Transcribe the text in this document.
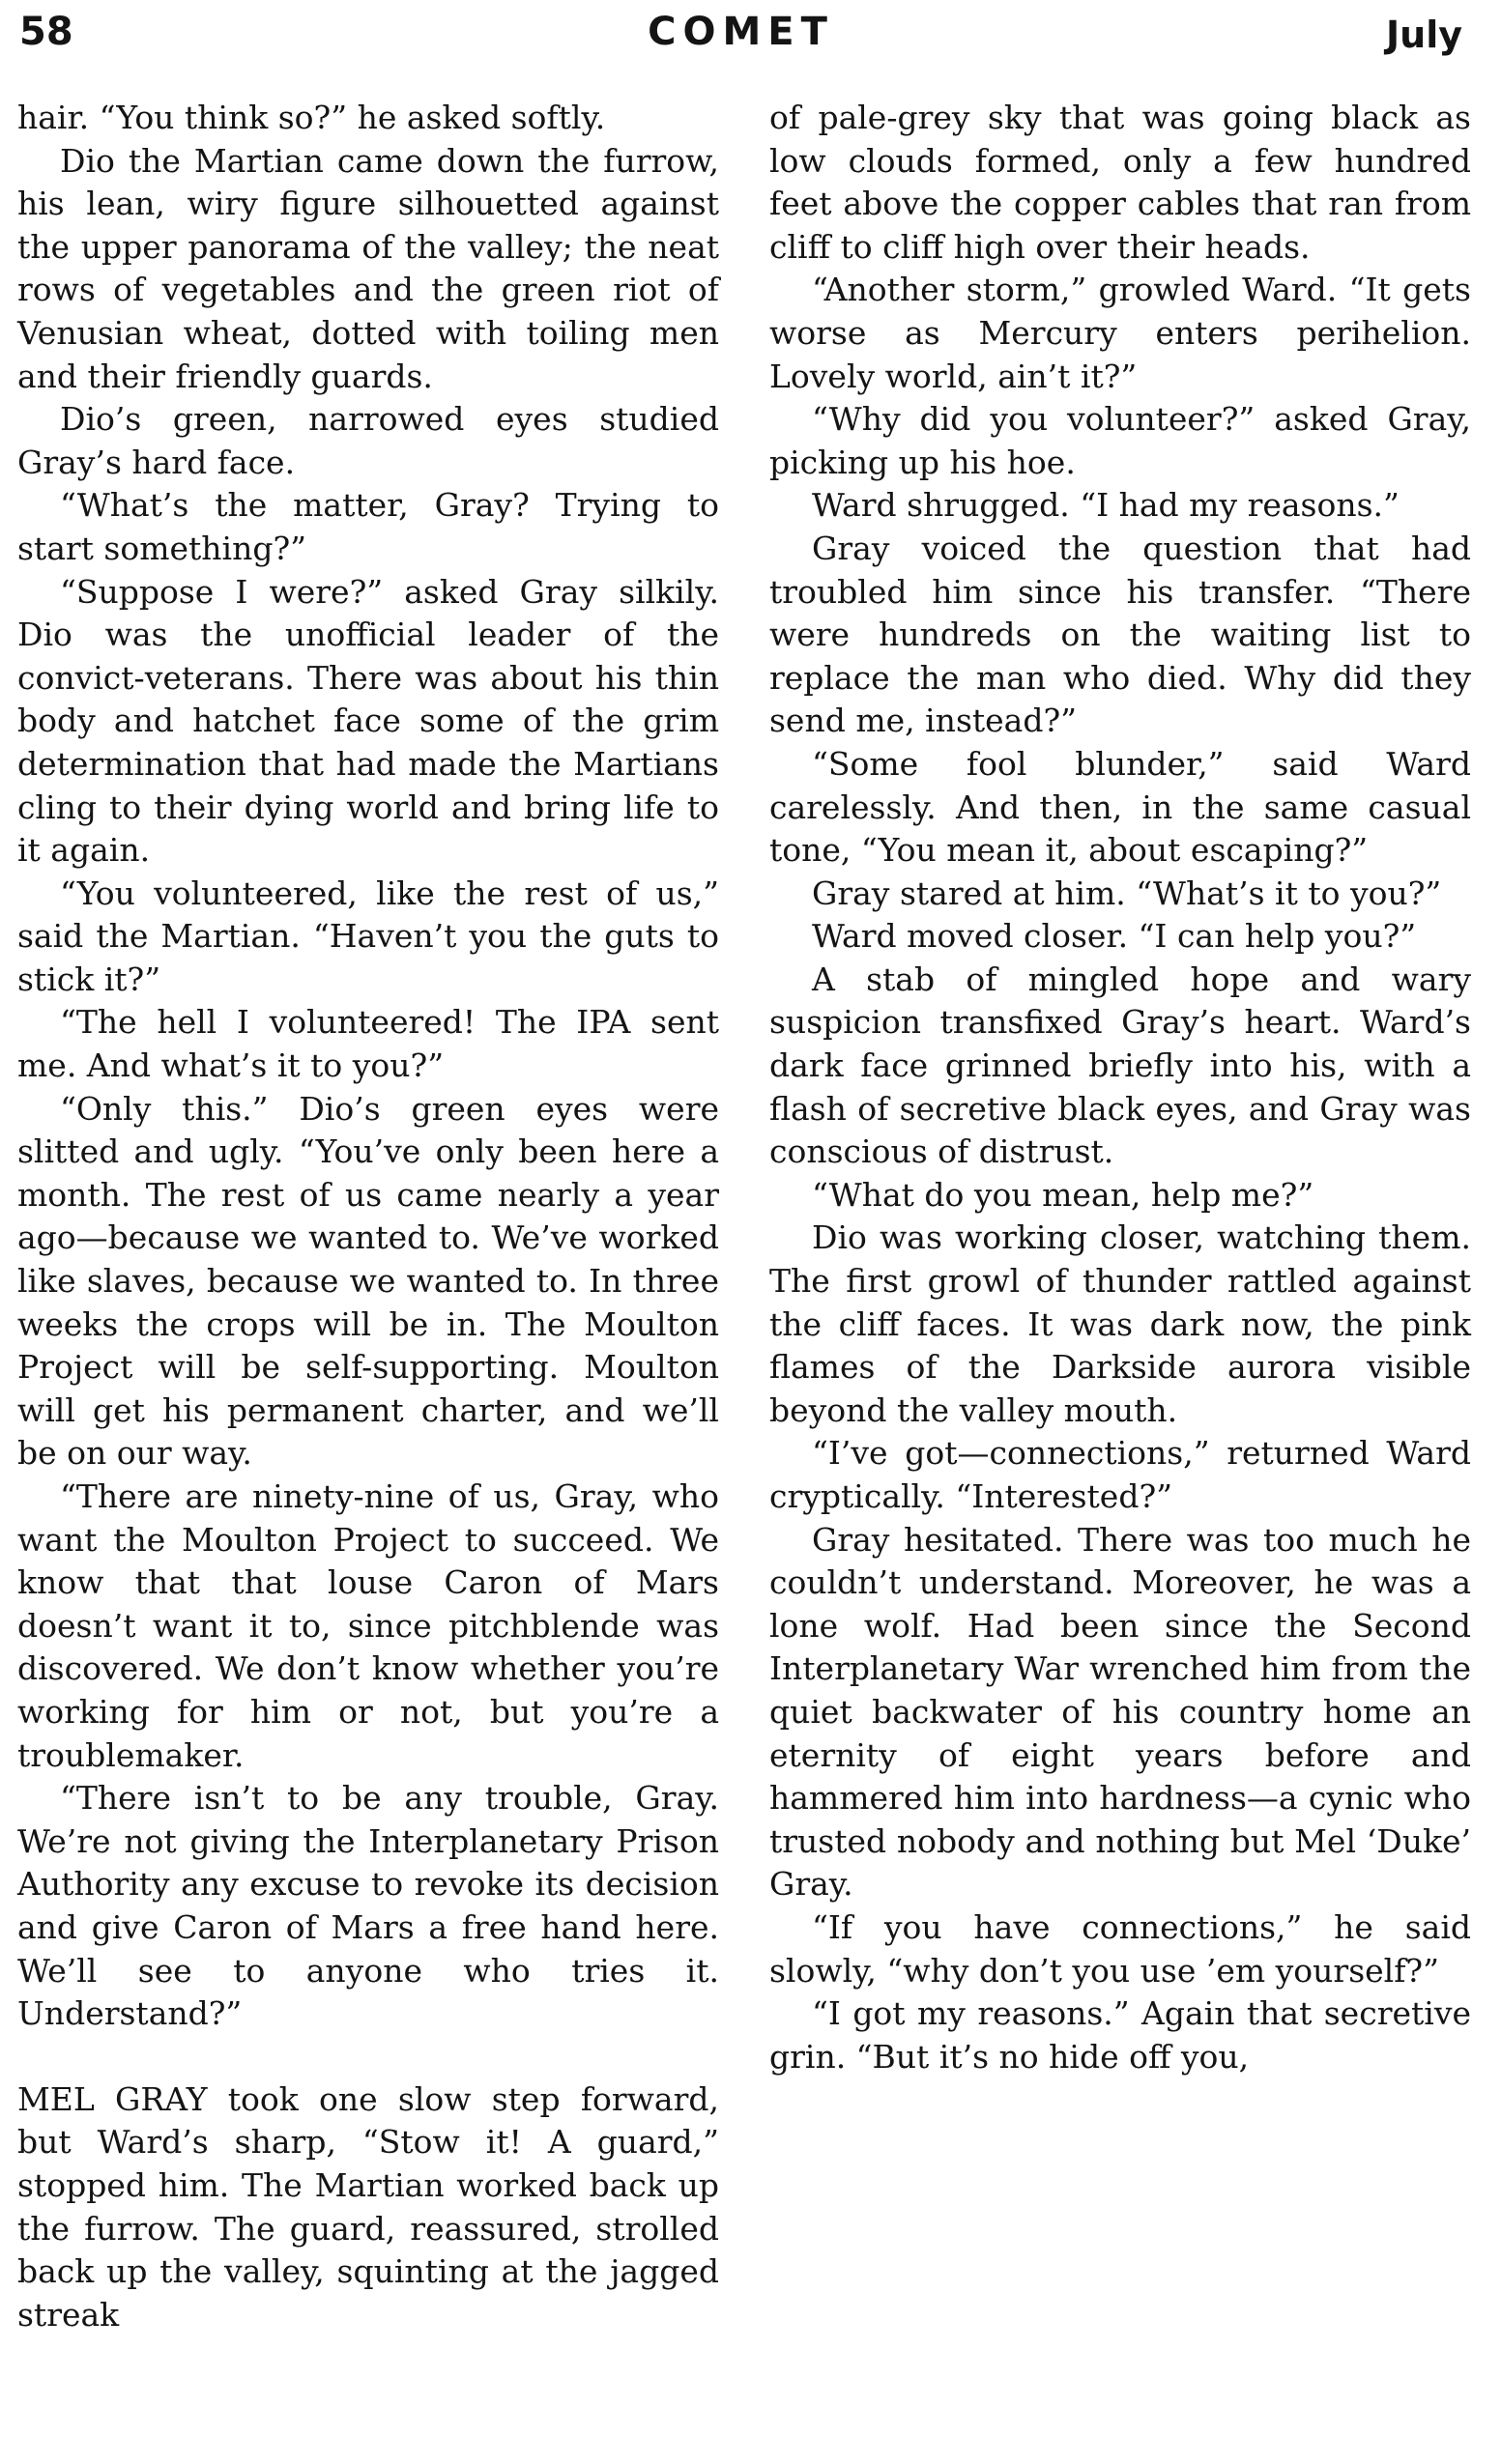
58	COMET	July

hair. “You think so?” he asked softly.

Dio the Martian came down the furrow, his lean, wiry figure silhouetted against the upper panorama of the valley; the neat rows of vegetables and the green riot of Venusian wheat, dotted with toiling men and their friendly guards.

Dio’s green, narrowed eyes studied Gray’s hard face.

“What’s the matter, Gray? Trying to start something?”

“Suppose I were?” asked Gray silkily. Dio was the unofficial leader of the convict-veterans. There was about his thin body and hatchet face some of the grim determination that had made the Martians cling to their dying world and bring life to it again.

“You volunteered, like the rest of us,” said the Martian. “Haven’t you the guts to stick it?”

“The hell I volunteered! The IPA sent me. And what’s it to you?”

“Only this.” Dio’s green eyes were slitted and ugly. “You’ve only been here a month. The rest of us came nearly a year ago—because we wanted to. We’ve worked like slaves, because we wanted to. In three weeks the crops will be in. The Moulton Project will be self-supporting. Moulton will get his permanent charter, and we’ll be on our way.

“There are ninety-nine of us, Gray, who want the Moulton Project to succeed. We know that that louse Caron of Mars doesn’t want it to, since pitchblende was discovered. We don’t know whether you’re working for him or not, but you’re a troublemaker.

“There isn’t to be any trouble, Gray. We’re not giving the Interplanetary Prison Authority any excuse to revoke its decision and give Caron of Mars a free hand here. We’ll see to anyone who tries it. Understand?”

MEL GRAY took one slow step forward, but Ward’s sharp, “Stow it! A guard,” stopped him. The Martian worked back up the furrow. The guard, reassured, strolled back up the valley, squinting at the jagged streak

of pale-grey sky that was going black as low clouds formed, only a few hundred feet above the copper cables that ran from cliff to cliff high over their heads.

“Another storm,” growled Ward. “It gets worse as Mercury enters perihelion. Lovely world, ain’t it?”

“Why did you volunteer?” asked Gray, picking up his hoe.

Ward shrugged. “I had my reasons.”

Gray voiced the question that had troubled him since his transfer. “There were hundreds on the waiting list to replace the man who died. Why did they send me, instead?”

“Some fool blunder,” said Ward carelessly. And then, in the same casual tone, “You mean it, about escaping?”

Gray stared at him. “What’s it to you?”

Ward moved closer. “I can help you?”

A stab of mingled hope and wary suspicion transfixed Gray’s heart. Ward’s dark face grinned briefly into his, with a flash of secretive black eyes, and Gray was conscious of distrust.

“What do you mean, help me?”

Dio was working closer, watching them. The first growl of thunder rattled against the cliff faces. It was dark now, the pink flames of the Darkside aurora visible beyond the valley mouth.

“I’ve got—connections,” returned Ward cryptically. “Interested?”

Gray hesitated. There was too much he couldn’t understand. Moreover, he was a lone wolf. Had been since the Second Interplanetary War wrenched him from the quiet backwater of his country home an eternity of eight years before and hammered him into hardness—a cynic who trusted nobody and nothing but Mel ‘Duke’ Gray.

“If you have connections,” he said slowly, “why don’t you use ’em yourself?”

“I got my reasons.” Again that secretive grin. “But it’s no hide off you,
